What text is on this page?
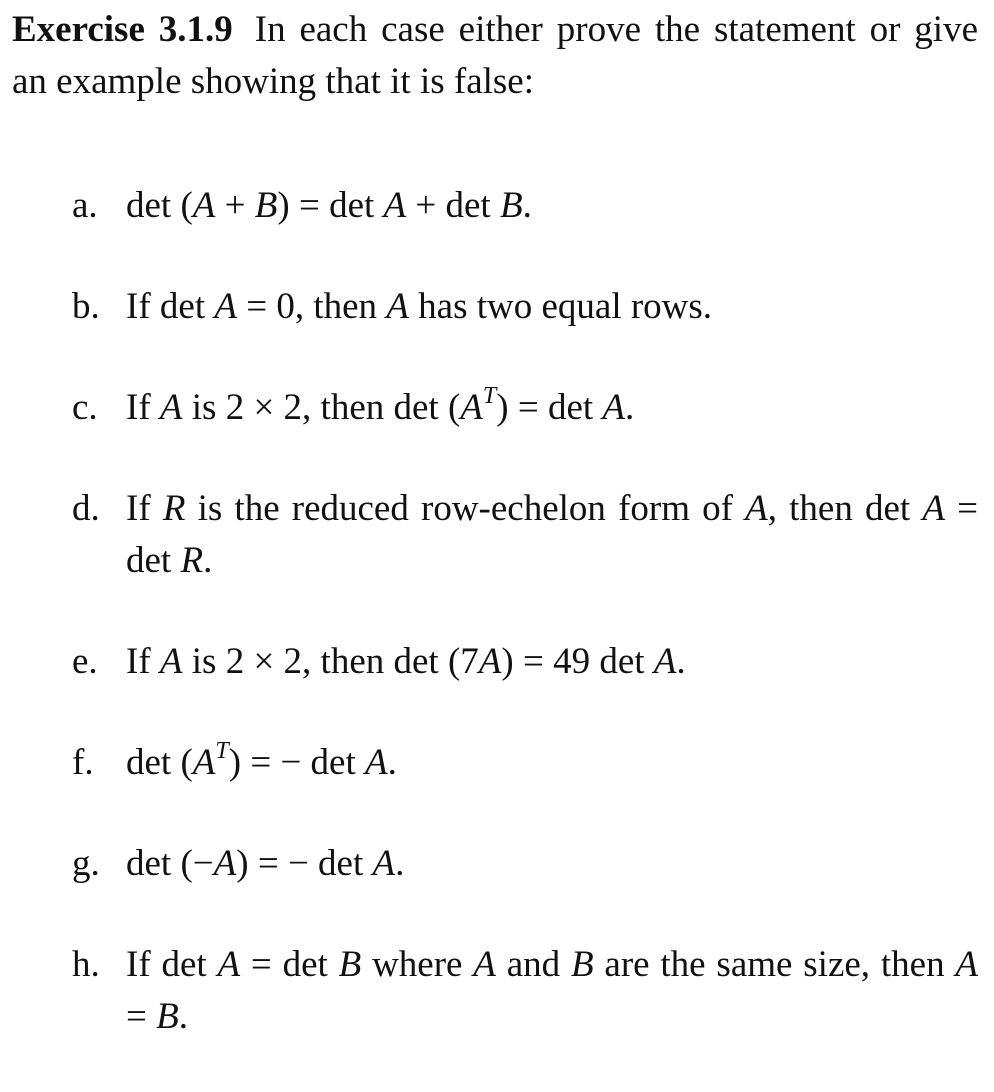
Exercise 3.1.9 In each case either prove the statement or give an example showing that it is false:
a. det (A + B) = det A + det B.
b. If det A = 0, then A has two equal rows.
c. If A is 2 × 2, then $\det (A^T) = \det A$.
d. If R is the reduced row-echelon form of A, then det A = det R.
e. If A is 2 × 2, then det (7A) = 49 det A.
f. $\det (A^T)$ = − det A.
g. det (−A) = − det A.
h. If det A = det B where A and B are the same size, then A = B.
